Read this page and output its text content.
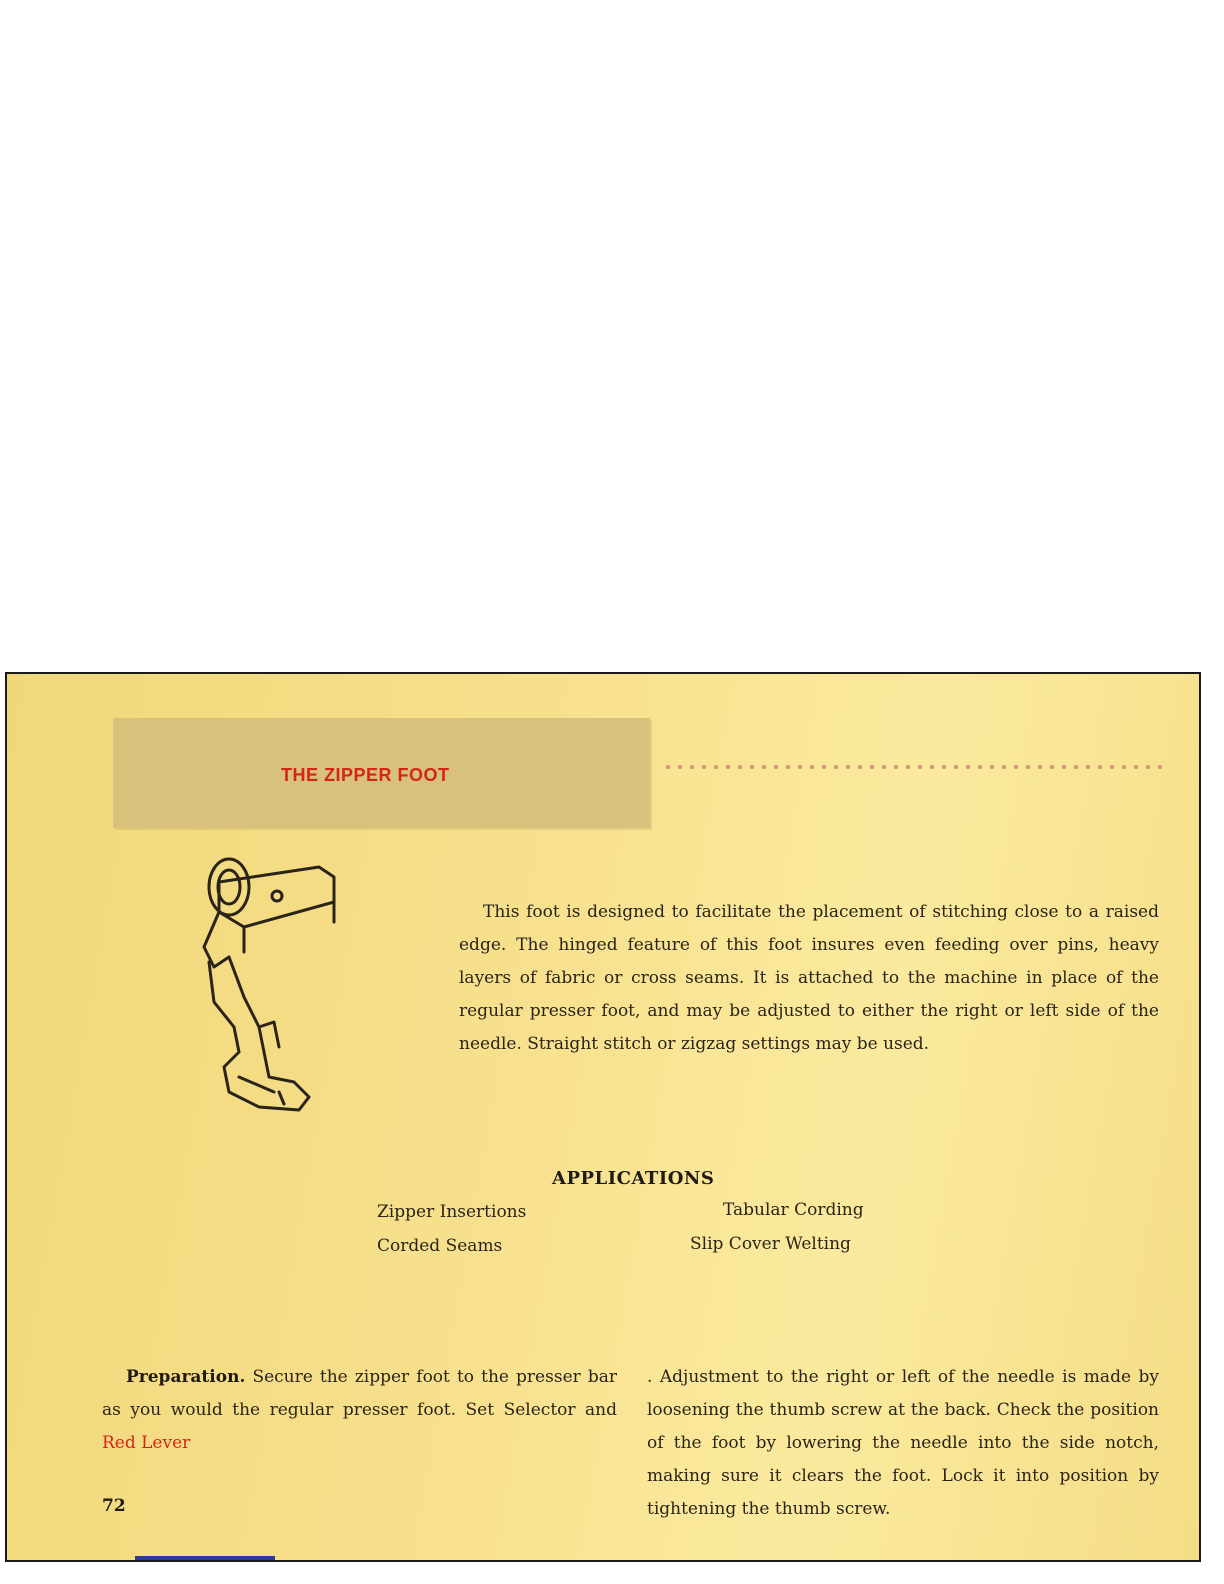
THE ZIPPER FOOT

This foot is designed to facilitate the placement of stitching close to a raised edge. The hinged feature of this foot insures even feeding over pins, heavy layers of fabric or cross seams. It is attached to the machine in place of the regular presser foot, and may be adjusted to either the right or left side of the needle. Straight stitch or zigzag settings may be used.

APPLICATIONS

Zipper Insertions	Tabular Cording

Corded Seams	Slip Cover Welting

Preparation. Secure the zipper foot to the presser bar as you would the regular presser foot. Set Selector and Red Lever

. Adjustment to the right or left of the needle is made by loosening the thumb screw at the back. Check the position of the foot by lowering the needle into the side notch, making sure it clears the foot. Lock it into position by tightening the thumb screw.

72
